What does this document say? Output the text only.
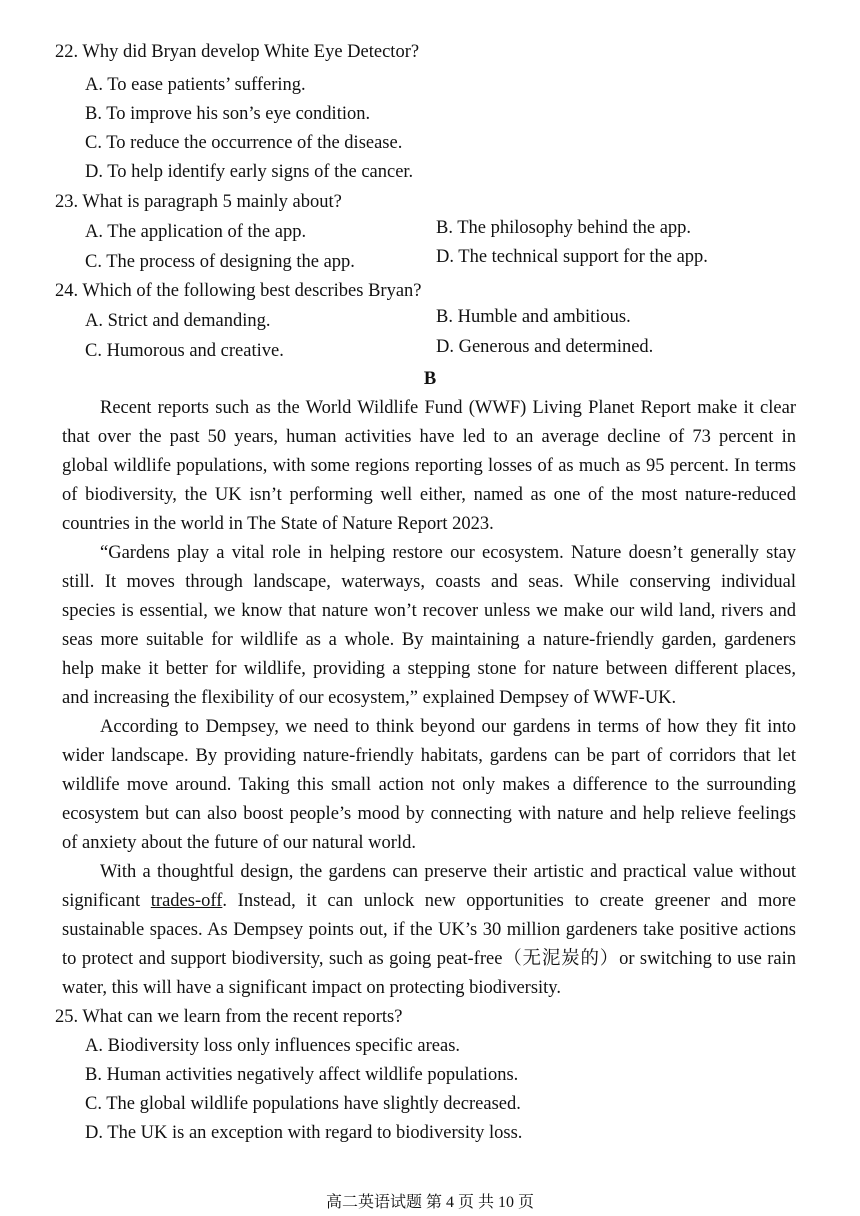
22. Why did Bryan develop White Eye Detector?
A. To ease patients’ suffering.
B. To improve his son’s eye condition.
C. To reduce the occurrence of the disease.
D. To help identify early signs of the cancer.
23. What is paragraph 5 mainly about?
A. The application of the app.	B. The philosophy behind the app.
C. The process of designing the app.	D. The technical support for the app.
24. Which of the following best describes Bryan?
A. Strict and demanding.	B. Humble and ambitious.
C. Humorous and creative.	D. Generous and determined.
B
Recent reports such as the World Wildlife Fund (WWF) Living Planet Report make it clear
that over the past 50 years, human activities have led to an average decline of 73 percent in
global wildlife populations, with some regions reporting losses of as much as 95 percent. In terms
of biodiversity, the UK isn’t performing well either, named as one of the most nature-reduced
countries in the world in The State of Nature Report 2023.
“Gardens play a vital role in helping restore our ecosystem. Nature doesn’t generally stay
still. It moves through landscape, waterways, coasts and seas. While conserving individual
species is essential, we know that nature won’t recover unless we make our wild land, rivers and
seas more suitable for wildlife as a whole. By maintaining a nature-friendly garden, gardeners
help make it better for wildlife, providing a stepping stone for nature between different places,
and increasing the flexibility of our ecosystem,” explained Dempsey of WWF-UK.
According to Dempsey, we need to think beyond our gardens in terms of how they fit into
wider landscape. By providing nature-friendly habitats, gardens can be part of corridors that let
wildlife move around. Taking this small action not only makes a difference to the surrounding
ecosystem but can also boost people’s mood by connecting with nature and help relieve feelings
of anxiety about the future of our natural world.
With a thoughtful design, the gardens can preserve their artistic and practical value without
significant trades-off. Instead, it can unlock new opportunities to create greener and more
sustainable spaces. As Dempsey points out, if the UK’s 30 million gardeners take positive actions
to protect and support biodiversity, such as going peat-free（无泥炭的）or switching to use rain
water, this will have a significant impact on protecting biodiversity.
25. What can we learn from the recent reports?
A. Biodiversity loss only influences specific areas.
B. Human activities negatively affect wildlife populations.
C. The global wildlife populations have slightly decreased.
D. The UK is an exception with regard to biodiversity loss.
高二英语试题 第 4 页 共 10 页
